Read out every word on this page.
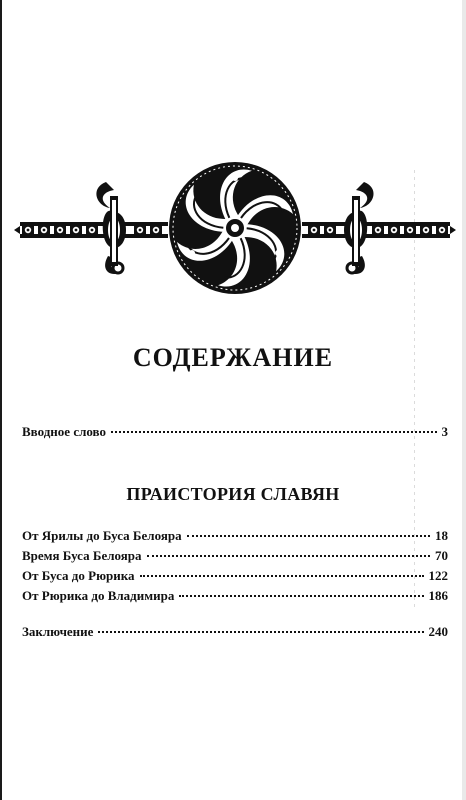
СОДЕРЖАНИЕ
Вводное слово	3
ПРАИСТОРИЯ СЛАВЯН
От Ярилы до Буса Белояра	18
Время Буса Белояра	70
От Буса до Рюрика	122
От Рюрика до Владимира	186
Заключение	240
